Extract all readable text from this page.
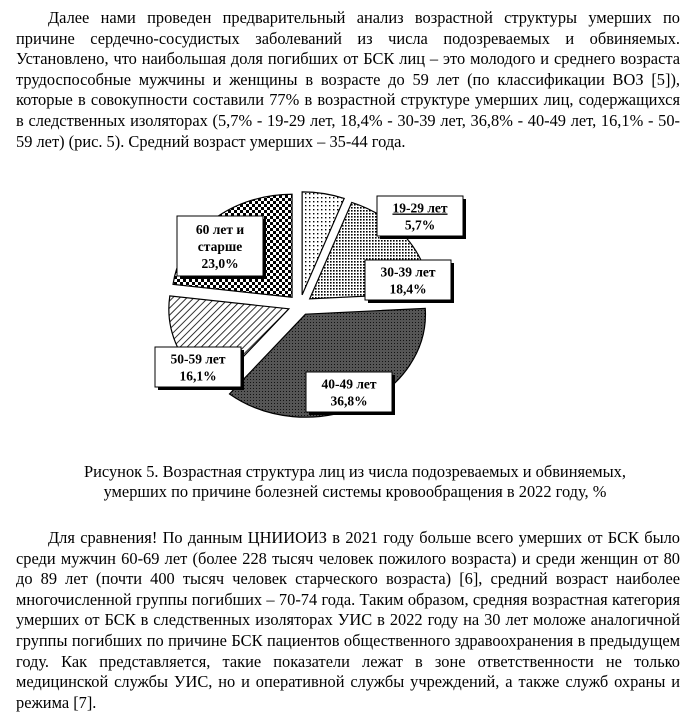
Далее нами проведен предварительный анализ возрастной структуры умерших по причине сердечно-сосудистых заболеваний из числа подозреваемых и обвиняемых. Установлено, что наибольшая доля погибших от БСК лиц – это молодого и среднего возраста трудоспособные мужчины и женщины в возрасте до 59 лет (по классификации ВОЗ [5]), которые в совокупности составили 77% в возрастной структуре умерших лиц, содержащихся в следственных изоляторах (5,7% - 19-29 лет, 18,4% - 30-39 лет, 36,8% - 40-49 лет, 16,1% - 50-59 лет) (рис. 5). Средний возраст умерших – 35-44 года.

19-29 лет
5,7%
30-39 лет
18,4%
40-49 лет
36,8%
50-59 лет
16,1%
60 лет и
старше
23,0%

Рисунок 5. Возрастная структура лиц из числа подозреваемых и обвиняемых,
умерших по причине болезней системы кровообращения в 2022 году, %

Для сравнения! По данным ЦНИИОИЗ в 2021 году больше всего умерших от БСК было среди мужчин 60-69 лет (более 228 тысяч человек пожилого возраста) и среди женщин от 80 до 89 лет (почти 400 тысяч человек старческого возраста) [6], средний возраст наиболее многочисленной группы погибших – 70-74 года. Таким образом, средняя возрастная категория умерших от БСК в следственных изоляторах УИС в 2022 году на 30 лет моложе аналогичной группы погибших по причине БСК пациентов общественного здравоохранения в предыдущем году. Как представляется, такие показатели лежат в зоне ответственности не только медицинской службы УИС, но и оперативной службы учреждений, а также служб охраны и режима [7].
